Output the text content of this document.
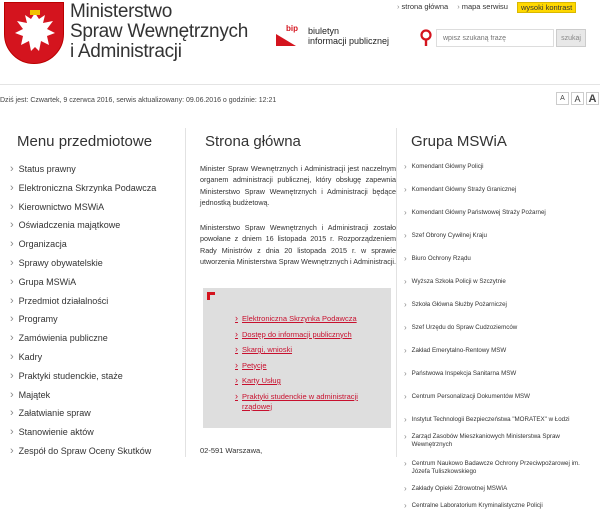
Ministerstwo
Spraw Wewnętrznych
i Administracji
bip biuletyn
informacji publicznej
› strona główna
›	mapa serwisu	wysoki kontrast
wpisz szukaną frazę
szukaj
Dziś jest: Czwartek, 9 czerwca 2016, serwis aktualizowany: 09.06.2016 o godzinie: 12:21	A	A A
Menu przedmiotowe	Strona główna	Grupa MSWiA
› Status prawny
› Elektroniczna Skrzynka Podawcza
› Kierownictwo MSWiA
› Oświadczenia majątkowe
› Organizacja
› Sprawy obywatelskie
› Grupa MSWiA
› Przedmiot działalności
› Programy
› Zamówienia publiczne
› Kadry
› Praktyki studenckie, staże
› Majątek
› Załatwianie spraw
› Stanowienie aktów
› Zespół do Spraw Oceny Skutków
Minister Spraw Wewnętrznych i Administracji jest naczelnym organem administracji publicznej, który obsługę zapewnia Ministerstwo Spraw Wewnętrznych i Administracji będące jednostką budżetową.
Ministerstwo Spraw Wewnętrznych i Administracji zostało powołane z dniem 16 listopada 2015 r. Rozporządzeniem Rady Ministrów z dnia 20 listopada 2015 r. w sprawie utworzenia Ministerstwa Spraw Wewnętrznych i Administracji.
› Elektroniczna Skrzynka Podawcza
› Dostęp do informacji publicznych
› Skargi, wnioski
› Petycje
› Karty Usług
› Praktyki studenckie w administracji
rządowej
02-591 Warszawa,
› Komendant Główny Policji
› Komendant Główny Straży Granicznej
› Komendant Główny Państwowej Straży Pożarnej
› Szef Obrony Cywilnej Kraju
› Biuro Ochrony Rządu
› Wyższa Szkoła Policji w Szczytnie
› Szkoła Główna Służby Pożarniczej
› Szef Urzędu do Spraw Cudzoziemców
› Zakład Emerytalno-Rentowy MSW
› Państwowa Inspekcja Sanitarna MSW
› Centrum Personalizacji Dokumentów MSW
› Instytut Technologii Bezpieczeństwa "MORATEX" w Łodzi
› Zarząd Zasobów Mieszkaniowych Ministerstwa Spraw
Wewnętrznych
› Centrum Naukowo Badawcze Ochrony Przeciwpożarowej im.
Józefa Tuliszkowskiego
› Zakłady Opieki Zdrowotnej MSWiA
› Centralne Laboratorium Kryminalistyczne Policji
